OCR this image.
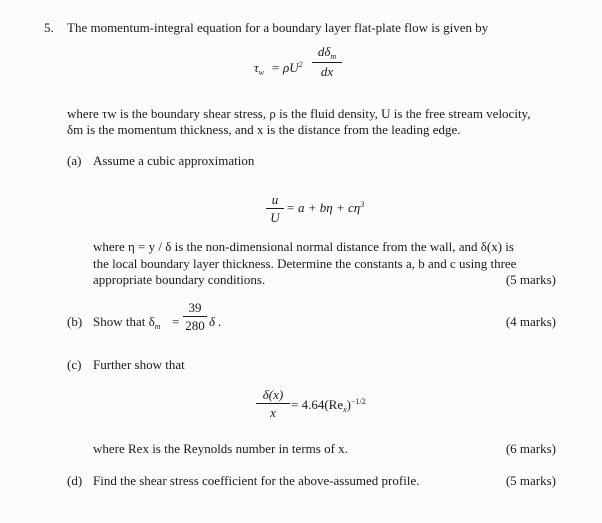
5. The momentum-integral equation for a boundary layer flat-plate flow is given by
$\tau_w = \rho U^2$
$d\delta_m$
dx
where τw is the boundary shear stress, ρ is the fluid density, U is the free stream velocity,
δm is the momentum thickness, and x is the distance from the leading edge.
(a) Assume a cubic approximation
$\frac{u}{U} = a + b\eta + c\eta^3$
where η = y / δ is the non-dimensional normal distance from the wall, and δ(x) is
the local boundary layer thickness. Determine the constants a, b and c using three
appropriate boundary conditions.	(5 marks)
(b) Show that $\delta_m = \frac{39}{280}$ δ .	(4 marks)
(c) Further show that
$\frac{\delta(x)}{x} = 4.64(Re_x)^{-1/2}$
where Rex is the Reynolds number in terms of x.	(6 marks)
(d) Find the shear stress coefficient for the above-assumed profile.	(5 marks)
